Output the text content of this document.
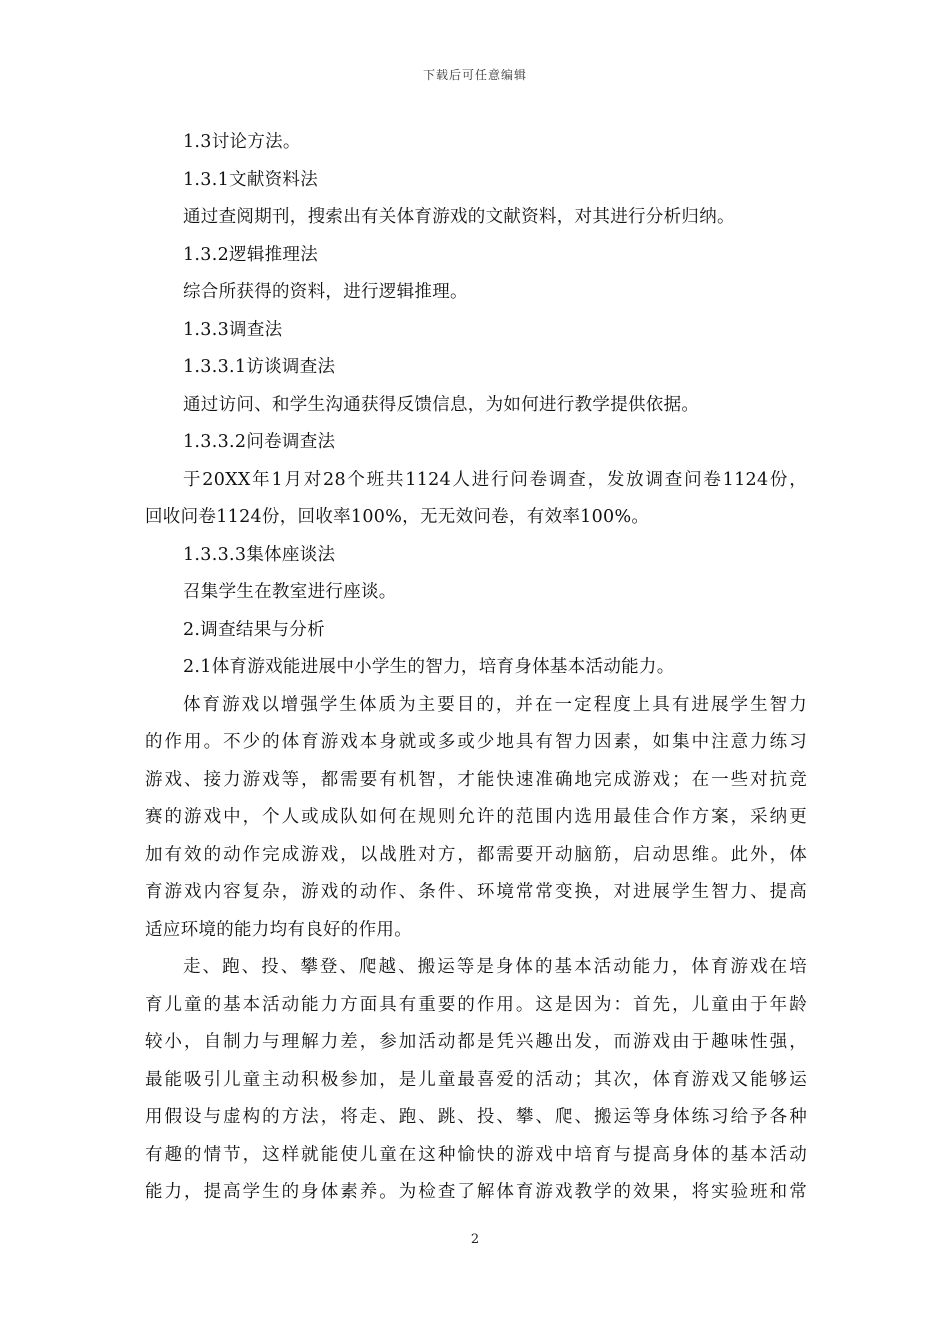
下载后可任意编辑

1.3讨论方法。

1.3.1文献资料法

通过查阅期刊，搜索出有关体育游戏的文献资料，对其进行分析归纳。

1.3.2逻辑推理法

综合所获得的资料，进行逻辑推理。

1.3.3调查法

1.3.3.1访谈调查法

通过访问、和学生沟通获得反馈信息，为如何进行教学提供依据。

1.3.3.2问卷调查法

于20XX年1月对28个班共1124人进行问卷调查，发放调查问卷1124份，

回收问卷1124份，回收率100%，无无效问卷，有效率100%。

1.3.3.3集体座谈法

召集学生在教室进行座谈。

2.调查结果与分析

2.1体育游戏能进展中小学生的智力，培育身体基本活动能力。

体育游戏以增强学生体质为主要目的，并在一定程度上具有进展学生智力

的作用。不少的体育游戏本身就或多或少地具有智力因素，如集中注意力练习

游戏、接力游戏等，都需要有机智，才能快速准确地完成游戏；在一些对抗竞

赛的游戏中，个人或成队如何在规则允许的范围内选用最佳合作方案，采纳更

加有效的动作完成游戏，以战胜对方，都需要开动脑筋，启动思维。此外，体

育游戏内容复杂，游戏的动作、条件、环境常常变换，对进展学生智力、提高

适应环境的能力均有良好的作用。

走、跑、投、攀登、爬越、搬运等是身体的基本活动能力，体育游戏在培

育儿童的基本活动能力方面具有重要的作用。这是因为：首先，儿童由于年龄

较小，自制力与理解力差，参加活动都是凭兴趣出发，而游戏由于趣味性强，

最能吸引儿童主动积极参加，是儿童最喜爱的活动；其次，体育游戏又能够运

用假设与虚构的方法，将走、跑、跳、投、攀、爬、搬运等身体练习给予各种

有趣的情节，这样就能使儿童在这种愉快的游戏中培育与提高身体的基本活动

能力，提高学生的身体素养。为检查了解体育游戏教学的效果，将实验班和常

2
